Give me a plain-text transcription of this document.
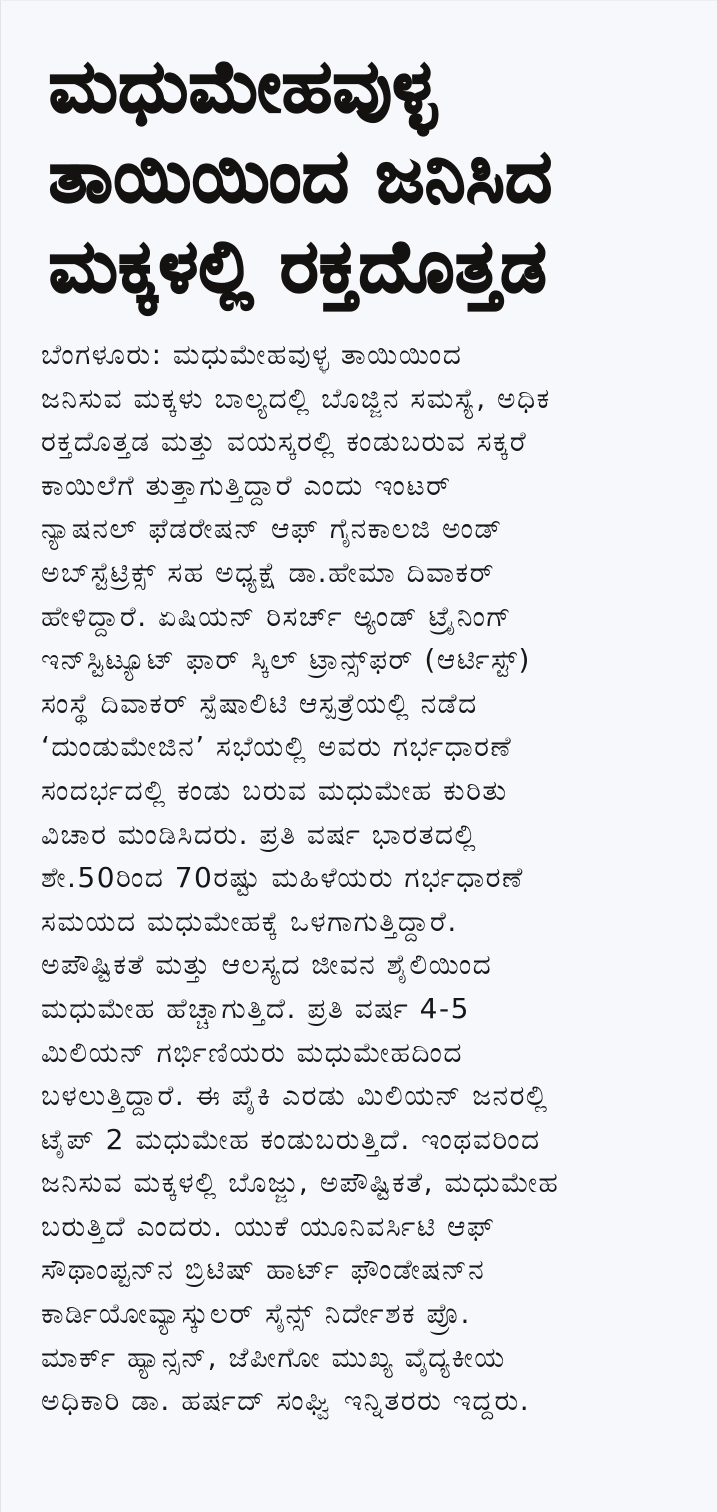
ಮಧುಮೇಹವುಳ್ಳ
ತಾಯಿಯಿಂದ ಜನಿಸಿದ
ಮಕ್ಕಳಲ್ಲಿ ರಕ್ತದೊತ್ತಡ
ಬೆಂಗಳೂರು: ಮಧುಮೇಹವುಳ್ಳ ತಾಯಿಯಿಂದ
ಜನಿಸುವ ಮಕ್ಕಳು ಬಾಲ್ಯದಲ್ಲಿ ಬೊಜ್ಜಿನ ಸಮಸ್ಯೆ, ಅಧಿಕ
ರಕ್ತದೊತ್ತಡ ಮತ್ತು ವಯಸ್ಕರಲ್ಲಿ ಕಂಡುಬರುವ ಸಕ್ಕರೆ
ಕಾಯಿಲೆಗೆ ತುತ್ತಾಗುತ್ತಿದ್ದಾರೆ ಎಂದು ಇಂಟರ್
ನ್ಯಾಷನಲ್ ಫೆಡರೇಷನ್ ಆಫ್ ಗೈನಕಾಲಜಿ ಅಂಡ್
ಅಬ್‌ಸ್ಟೆಟ್ರಿಕ್ಸ್ ಸಹ ಅಧ್ಯಕ್ಷೆ ಡಾ.ಹೇಮಾ ದಿವಾಕರ್
ಹೇಳಿದ್ದಾರೆ. ಏಷಿಯನ್ ರಿಸರ್ಚ್ ಅ್ಯಂಡ್ ಟ್ರೈನಿಂಗ್
ಇನ್‌ಸ್ಟಿಟ್ಯೂಟ್ ಫಾರ್ ಸ್ಕಿಲ್ ಟ್ರಾನ್ಸ್‌ಫರ್ (ಆರ್ಟಿಸ್ಟ್)
ಸಂಸ್ಥೆ ದಿವಾಕರ್ ಸ್ಪೆಷಾಲಿಟಿ ಆಸ್ಪತ್ರೆಯಲ್ಲಿ ನಡೆದ
‘ದುಂಡುಮೇಜಿನ’ ಸಭೆಯಲ್ಲಿ ಅವರು ಗರ್ಭಧಾರಣೆ
ಸಂದರ್ಭದಲ್ಲಿ ಕಂಡು ಬರುವ ಮಧುಮೇಹ ಕುರಿತು
ವಿಚಾರ ಮಂಡಿಸಿದರು. ಪ್ರತಿ ವರ್ಷ ಭಾರತದಲ್ಲಿ
ಶೇ.50ರಿಂದ 70ರಷ್ಟು ಮಹಿಳೆಯರು ಗರ್ಭಧಾರಣೆ
ಸಮಯದ ಮಧುಮೇಹಕ್ಕೆ ಒಳಗಾಗುತ್ತಿದ್ದಾರೆ.
ಅಪೌಷ್ಟಿಕತೆ ಮತ್ತು ಆಲಸ್ಯದ ಜೀವನ ಶೈಲಿಯಿಂದ
ಮಧುಮೇಹ ಹೆಚ್ಚಾಗುತ್ತಿದೆ. ಪ್ರತಿ ವರ್ಷ 4-5
ಮಿಲಿಯನ್ ಗರ್ಭಿಣಿಯರು ಮಧುಮೇಹದಿಂದ
ಬಳಲುತ್ತಿದ್ದಾರೆ. ಈ ಪೈಕಿ ಎರಡು ಮಿಲಿಯನ್ ಜನರಲ್ಲಿ
ಟೈಪ್ 2 ಮಧುಮೇಹ ಕಂಡುಬರುತ್ತಿದೆ. ಇಂಥವರಿಂದ
ಜನಿಸುವ ಮಕ್ಕಳಲ್ಲಿ ಬೊಜ್ಜು, ಅಪೌಷ್ಟಿಕತೆ, ಮಧುಮೇಹ
ಬರುತ್ತಿದೆ ಎಂದರು. ಯುಕೆ ಯೂನಿವರ್ಸಿಟಿ ಆಫ್
ಸೌಥಾಂಪ್ಟನ್‌ನ ಬ್ರಿಟಿಷ್ ಹಾರ್ಟ್ ಫೌಂಡೇಷನ್‌ನ
ಕಾರ್ಡಿಯೋವ್ಯಾಸ್ಕುಲರ್ ಸೈನ್ಸ್ ನಿರ್ದೇಶಕ ಪ್ರೊ.
ಮಾರ್ಕ್ ಹ್ಯಾನ್ಸನ್, ಜೆಪೀಗೋ ಮುಖ್ಯ ವೈದ್ಯಕೀಯ
ಅಧಿಕಾರಿ ಡಾ. ಹರ್ಷದ್ ಸಂಘ್ವಿ ಇನ್ನಿತರರು ಇದ್ದರು.
